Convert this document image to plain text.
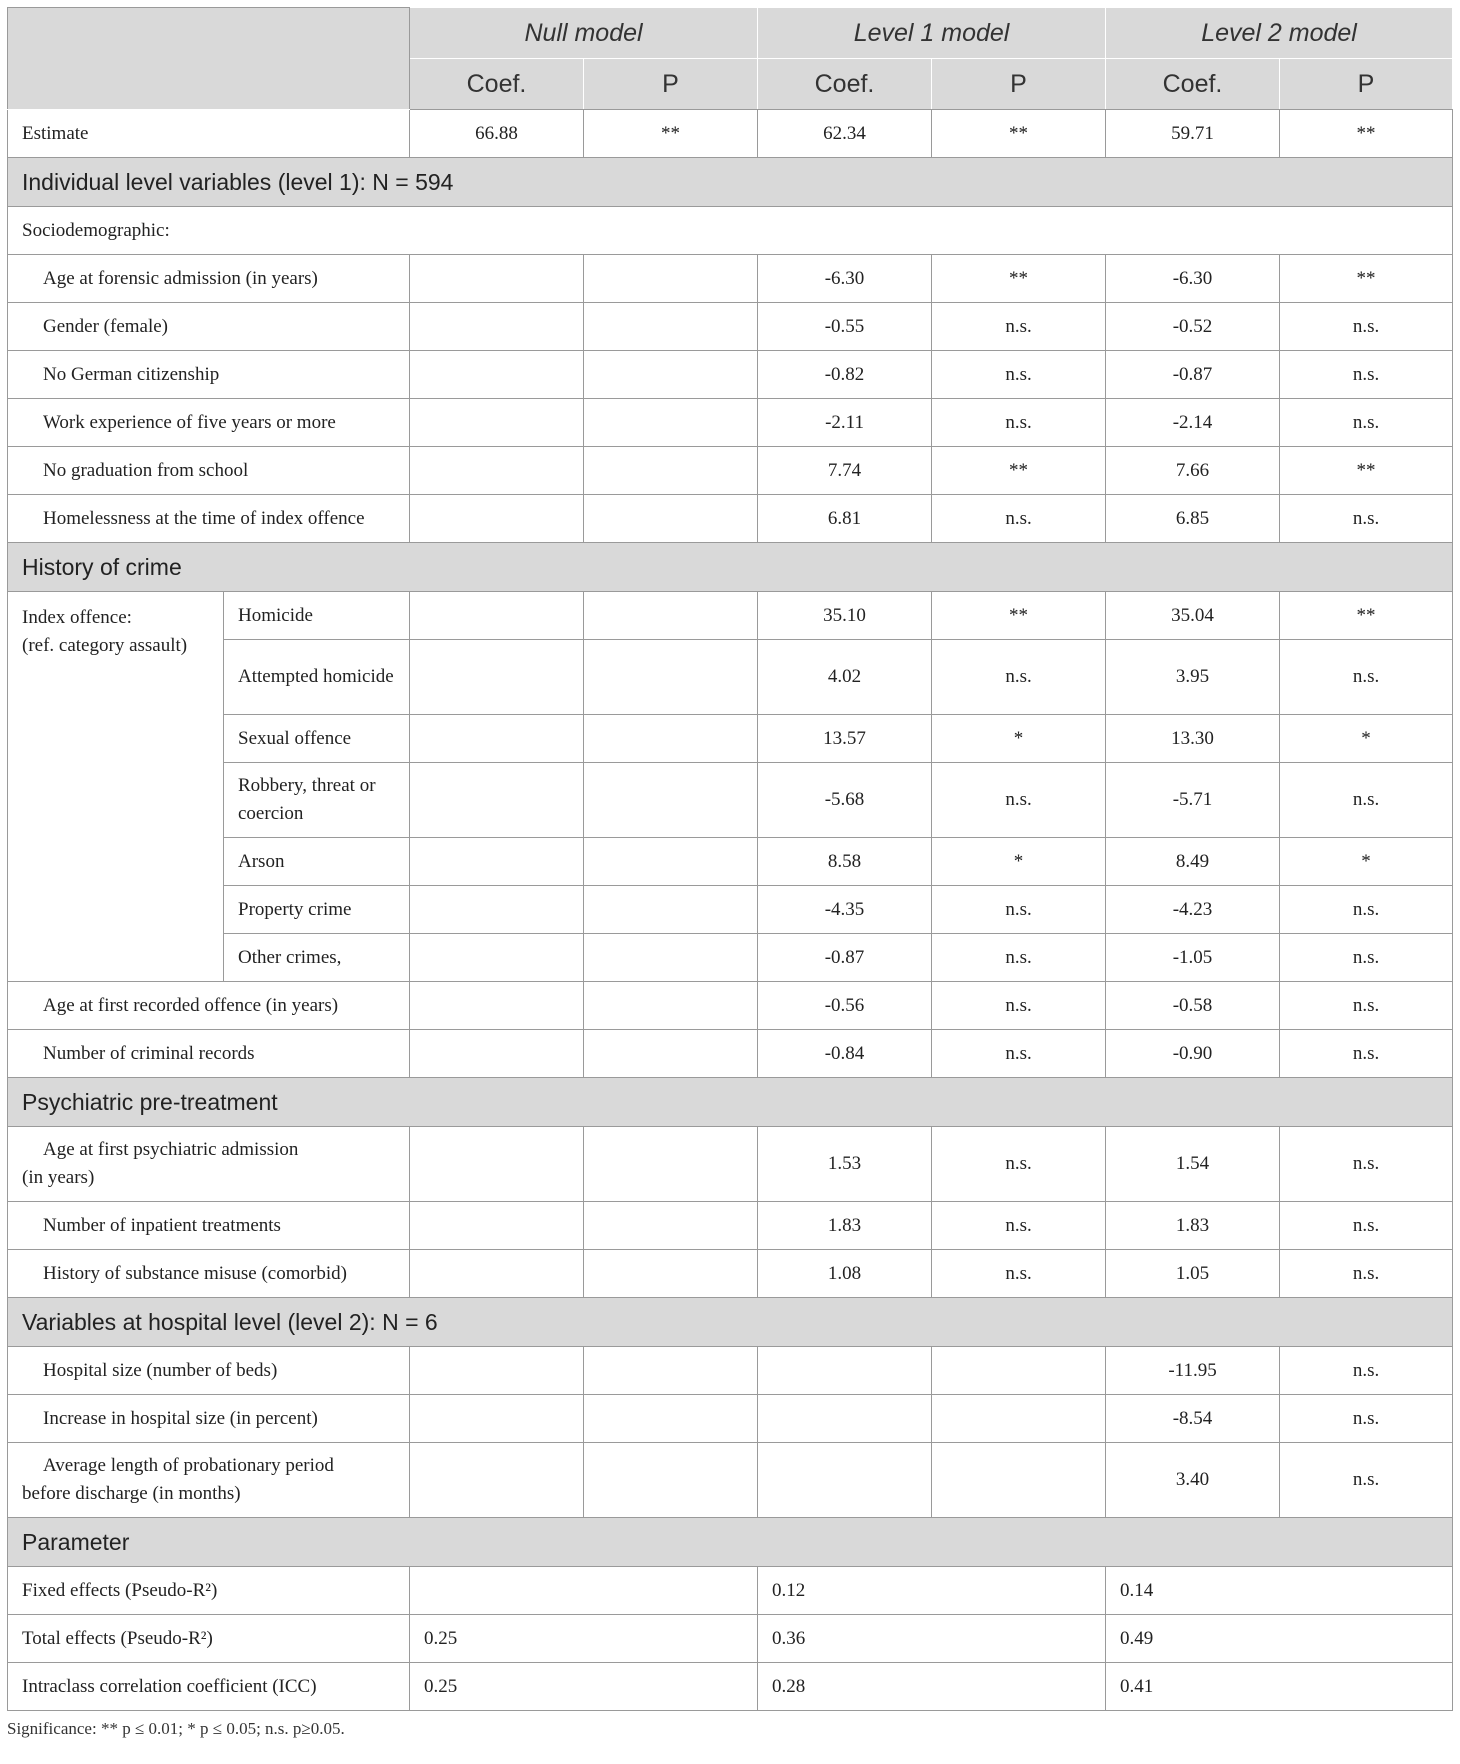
		Null model		Level 1 model		Level 2 model	
		Coef.	P	Coef.	P	Coef.	P
Estimate		66.88	**	62.34	**	59.71	**
Individual level variables (level 1): N = 594							
Sociodemographic:							
Age at forensic admission (in years)				-6.30	**	-6.30	**
Gender (female)				-0.55	n.s.	-0.52	n.s.
No German citizenship				-0.82	n.s.	-0.87	n.s.
Work experience of five years or more				-2.11	n.s.	-2.14	n.s.
No graduation from school				7.74	**	7.66	**
Homelessness at the time of index offence				6.81	n.s.	6.85	n.s.
History of crime							

Index offence:
(ref. category assault)	Homicide			35.10	**	35.04	**
	Attempted homicide			4.02	n.s.	3.95	n.s.
	Sexual offence			13.57	*	13.30	*
	Robbery, threat or coercion			-5.68	n.s.	-5.71	n.s.
	Arson			8.58	*	8.49	*
	Property crime			-4.35	n.s.	-4.23	n.s.
	Other crimes,			-0.87	n.s.	-1.05	n.s.
Age at first recorded offence (in years)				-0.56	n.s.	-0.58	n.s.
Number of criminal records				-0.84	n.s.	-0.90	n.s.
Psychiatric pre-treatment							

Age at first psychiatric admission
(in years)				1.53	n.s.	1.54	n.s.
Number of inpatient treatments				1.83	n.s.	1.83	n.s.
History of substance misuse (comorbid)				1.08	n.s.	1.05	n.s.
Variables at hospital level (level 2): N = 6							
Hospital size (number of beds)						-11.95	n.s.
Increase in hospital size (in percent)						-8.54	n.s.

Average length of probationary period
before discharge (in months)						3.40	n.s.
Parameter							
Fixed effects (Pseudo-R²)				0.12		0.14	
Total effects (Pseudo-R²)		0.25		0.36		0.49	
Intraclass correlation coefficient (ICC)		0.25		0.28		0.41	
Significance: ** p ≤ 0.01; * p ≤ 0.05; n.s. p≥0.05.
